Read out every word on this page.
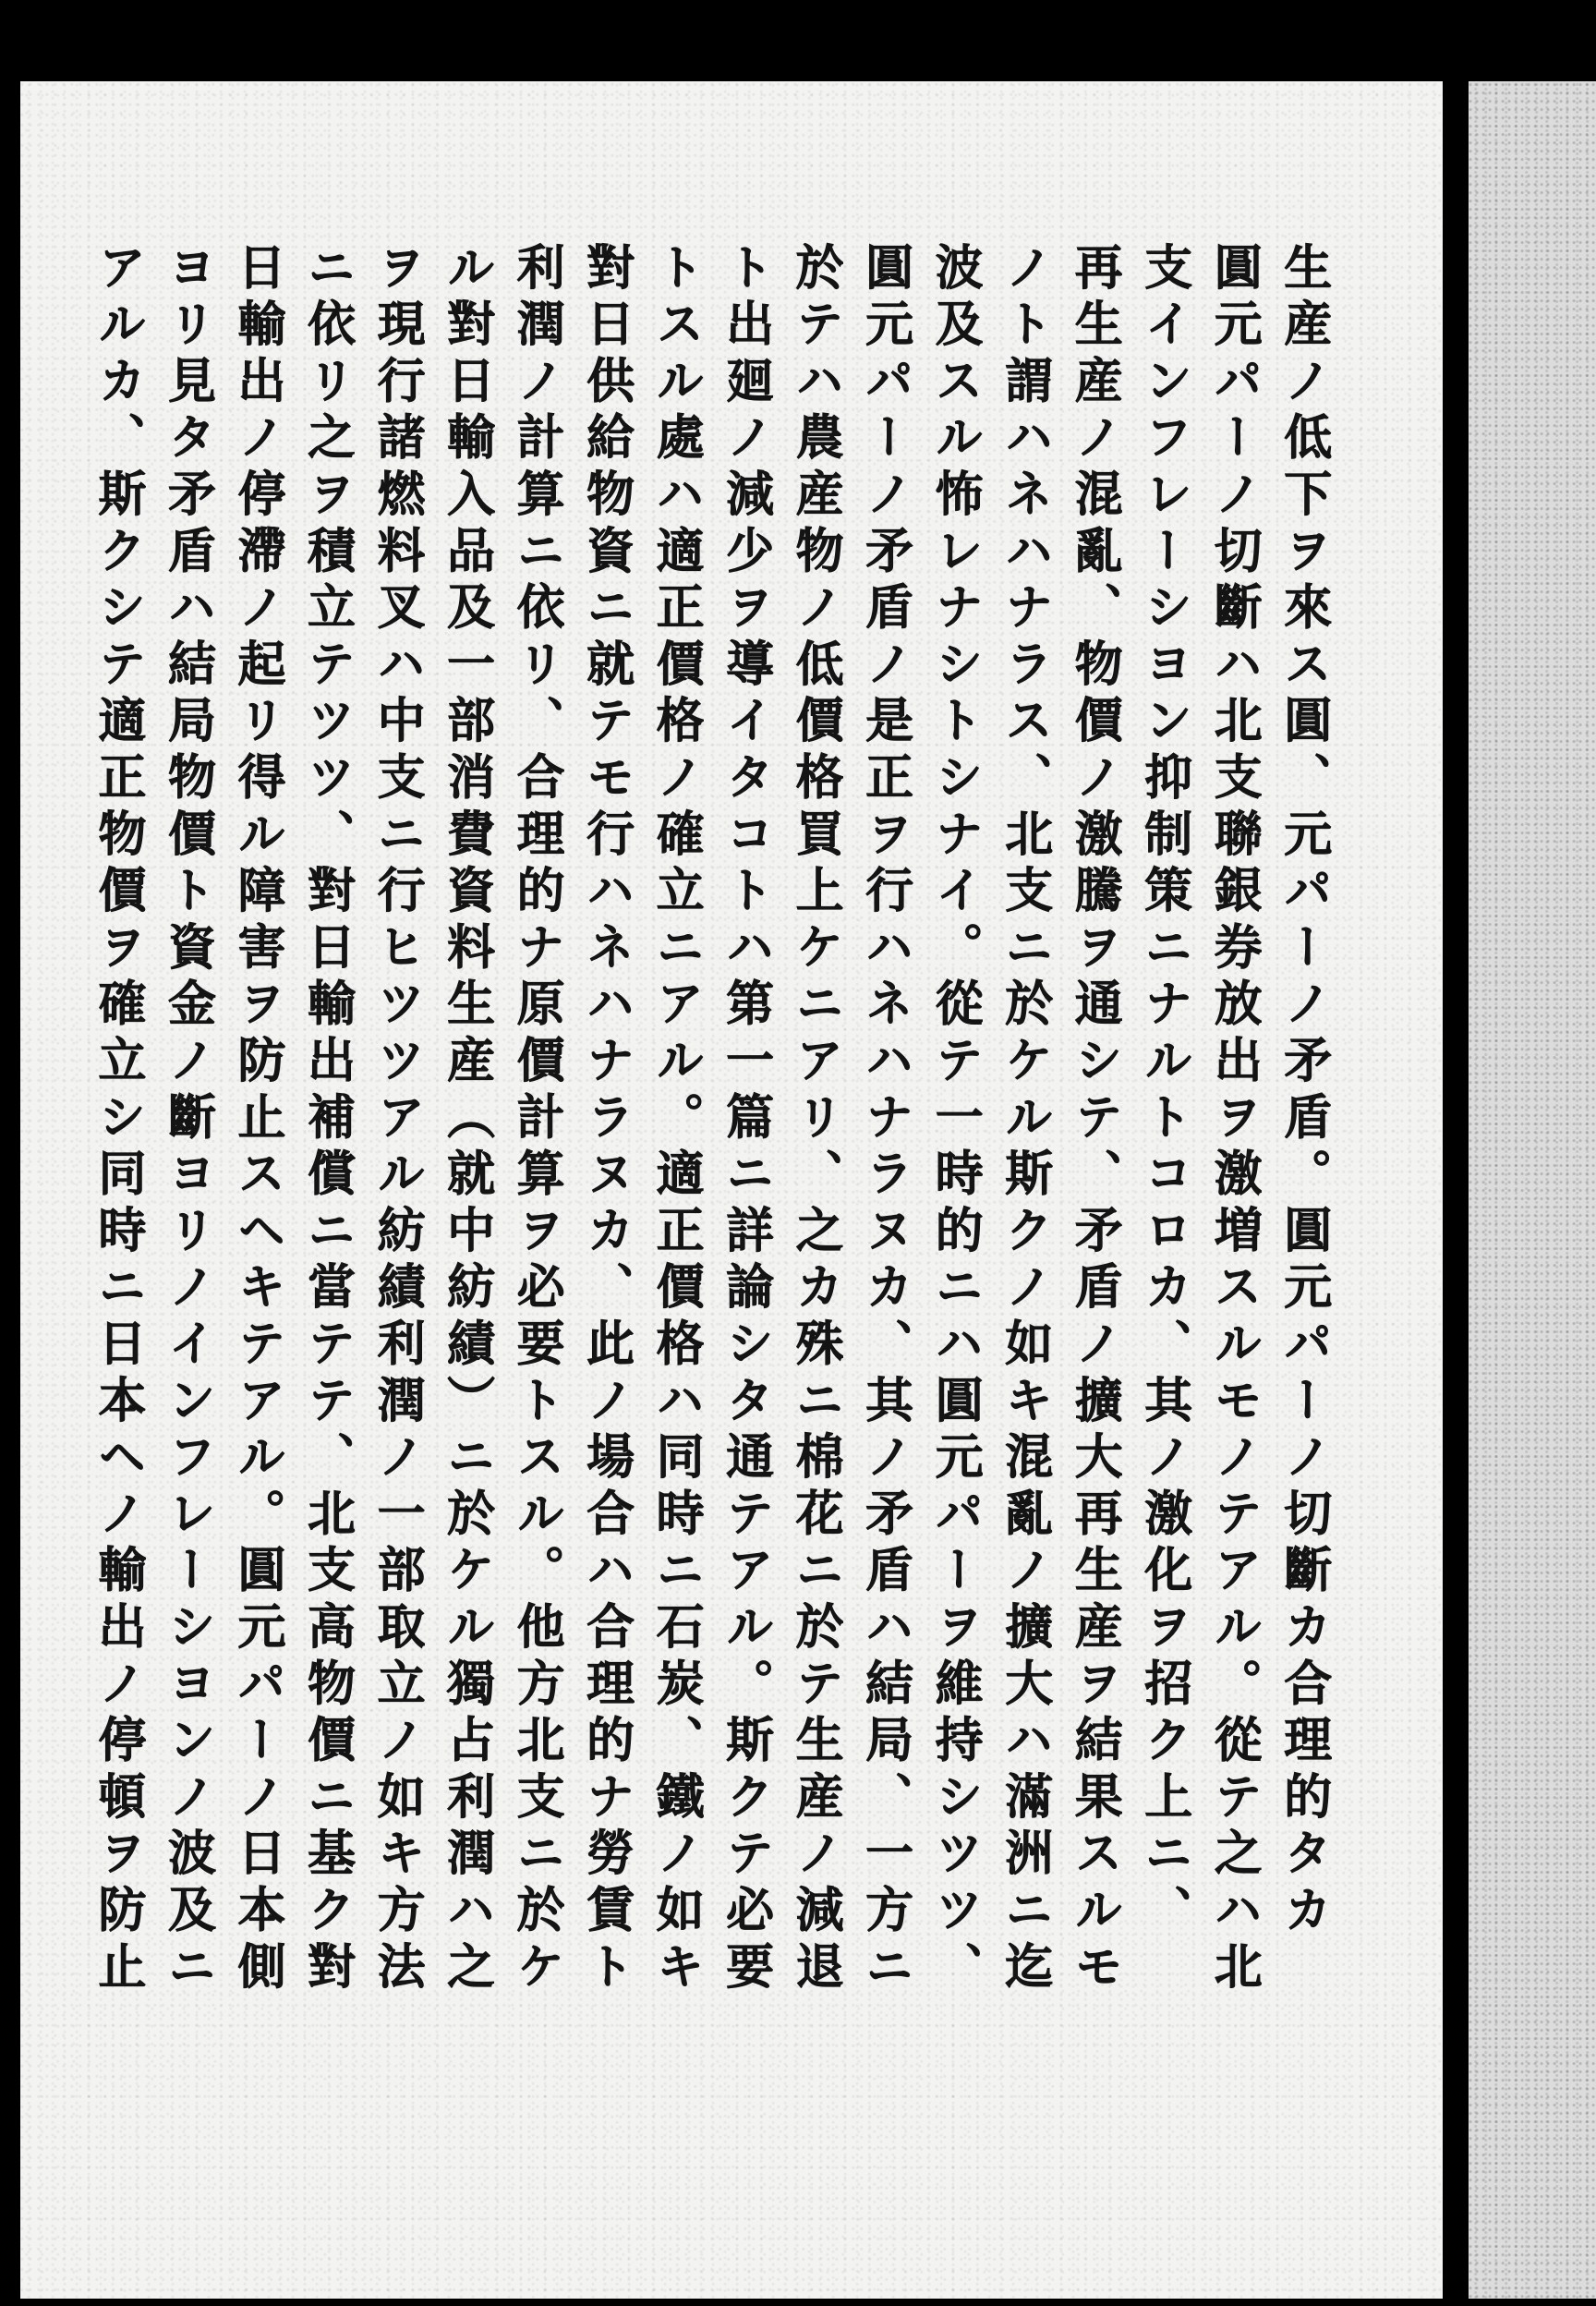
生産ノ低下ヲ來ス圓、元パーノ矛盾。圓元パーノ切斷カ合理的タカ
圓元パーノ切斷ハ北支聯銀券放出ヲ激増スルモノテアル。從テ之ハ北
支インフレーシヨン抑制策ニナルトコロカ、其ノ激化ヲ招ク上ニ、
再生産ノ混亂、物價ノ激騰ヲ通シテ、矛盾ノ擴大再生産ヲ結果スルモ
ノト謂ハネハナラス、北支ニ於ケル斯クノ如キ混亂ノ擴大ハ滿洲ニ迄
波及スル怖レナシトシナイ。從テ一時的ニハ圓元パーヲ維持シツツ、
圓元パーノ矛盾ノ是正ヲ行ハネハナラヌカ、其ノ矛盾ハ結局、一方ニ
於テハ農産物ノ低價格買上ケニアリ、之カ殊ニ棉花ニ於テ生産ノ減退
ト出廻ノ減少ヲ導イタコトハ第一篇ニ詳論シタ通テアル。斯クテ必要
トスル處ハ適正價格ノ確立ニアル。適正價格ハ同時ニ石炭、鐵ノ如キ
對日供給物資ニ就テモ行ハネハナラヌカ、此ノ場合ハ合理的ナ勞賃ト
利潤ノ計算ニ依リ、合理的ナ原價計算ヲ必要トスル。他方北支ニ於ケ
ル對日輸入品及一部消費資料生産（就中紡績）ニ於ケル獨占利潤ハ之
ヲ現行諸燃料叉ハ中支ニ行ヒツツアル紡績利潤ノ一部取立ノ如キ方法
ニ依リ之ヲ積立テツツ、對日輸出補償ニ當テテ、北支高物價ニ基ク對
日輸出ノ停滯ノ起リ得ル障害ヲ防止スヘキテアル。圓元パーノ日本側
ヨリ見タ矛盾ハ結局物價ト資金ノ斷ヨリノインフレーシヨンノ波及ニ
アルカ、斯クシテ適正物價ヲ確立シ同時ニ日本ヘノ輸出ノ停頓ヲ防止
